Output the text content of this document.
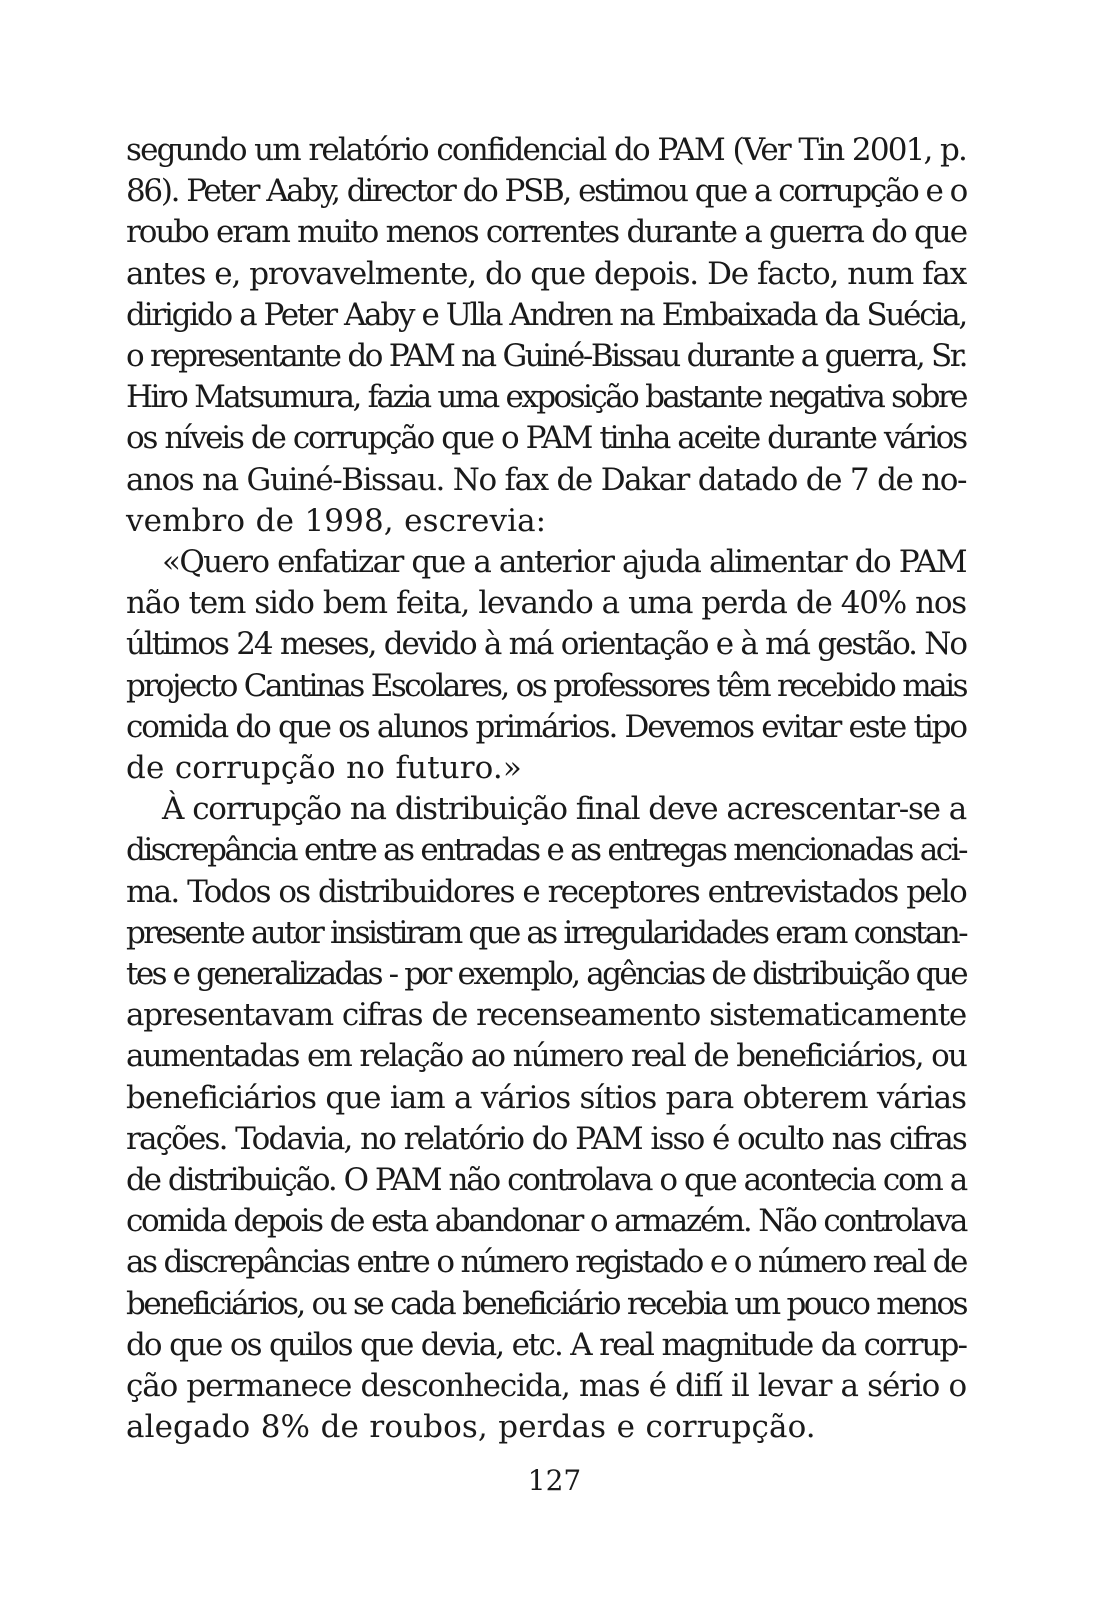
segundo um relatório confidencial do PAM (Ver Tin 2001, p.
86). Peter Aaby, director do PSB, estimou que a corrupção e o
roubo eram muito menos correntes durante a guerra do que
antes e, provavelmente, do que depois. De facto, num fax
dirigido a Peter Aaby e Ulla Andren na Embaixada da Suécia,
o representante do PAM na Guiné-Bissau durante a guerra, Sr.
Hiro Matsumura, fazia uma exposição bastante negativa sobre
os níveis de corrupção que o PAM tinha aceite durante vários
anos na Guiné-Bissau. No fax de Dakar datado de 7 de no-
vembro de 1998, escrevia:
«Quero enfatizar que a anterior ajuda alimentar do PAM
não tem sido bem feita, levando a uma perda de 40% nos
últimos 24 meses, devido à má orientação e à má gestão. No
projecto Cantinas Escolares, os professores têm recebido mais
comida do que os alunos primários. Devemos evitar este tipo
de corrupção no futuro.»
À corrupção na distribuição final deve acrescentar-se a
discrepância entre as entradas e as entregas mencionadas aci-
ma. Todos os distribuidores e receptores entrevistados pelo
presente autor insistiram que as irregularidades eram constan-
tes e generalizadas - por exemplo, agências de distribuição que
apresentavam cifras de recenseamento sistematicamente
aumentadas em relação ao número real de beneficiários, ou
beneficiários que iam a vários sítios para obterem várias
rações. Todavia, no relatório do PAM isso é oculto nas cifras
de distribuição. O PAM não controlava o que acontecia com a
comida depois de esta abandonar o armazém. Não controlava
as discrepâncias entre o número registado e o número real de
beneficiários, ou se cada beneficiário recebia um pouco menos
do que os quilos que devia, etc. A real magnitude da corrup-
ção permanece desconhecida, mas é difí il levar a sério o
alegado 8% de roubos, perdas e corrupção.
127
